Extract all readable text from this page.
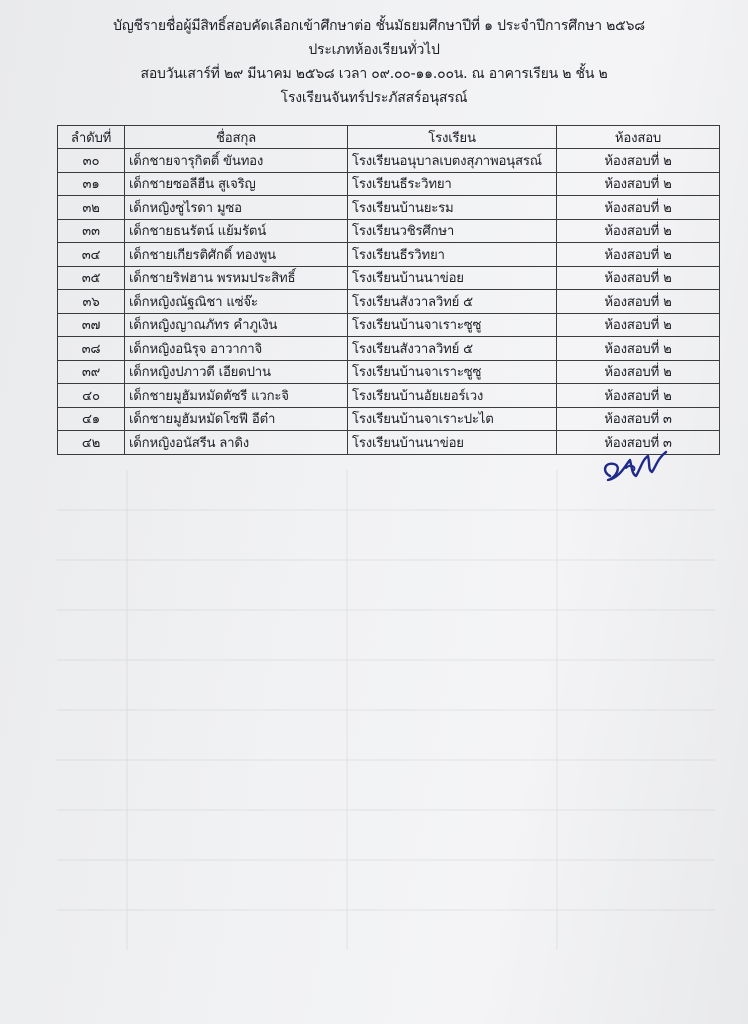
บัญชีรายชื่อผู้มีสิทธิ์สอบคัดเลือกเข้าศึกษาต่อ ชั้นมัธยมศึกษาปีที่ ๑ ประจำปีการศึกษา ๒๕๖๘
ประเภทห้องเรียนทั่วไป
สอบวันเสาร์ที่ ๒๙ มีนาคม ๒๕๖๘ เวลา ๐๙.๐๐-๑๑.๐๐น. ณ อาคารเรียน ๒ ชั้น ๒
โรงเรียนจันทร์ประภัสสร์อนุสรณ์
ลำดับที่	ชื่อสกุล	โรงเรียน	ห้องสอบ
๓๐	เด็กชายจารุกิตติ์ ขันทอง	โรงเรียนอนุบาลเบตงสุภาพอนุสรณ์	ห้องสอบที่ ๒
๓๑	เด็กชายซอลีฮีน สูเจริญ	โรงเรียนธีระวิทยา	ห้องสอบที่ ๒
๓๒	เด็กหญิงซูไรดา มูซอ	โรงเรียนบ้านยะรม	ห้องสอบที่ ๒
๓๓	เด็กชายธนรัตน์ แย้มรัตน์	โรงเรียนวชิรศึกษา	ห้องสอบที่ ๒
๓๔	เด็กชายเกียรติศักดิ์ ทองพูน	โรงเรียนธีรวิทยา	ห้องสอบที่ ๒
๓๕	เด็กชายริฟฮาน พรหมประสิทธิ์	โรงเรียนบ้านนาข่อย	ห้องสอบที่ ๒
๓๖	เด็กหญิงณัฐณิชา แซ่จ๊ะ	โรงเรียนสังวาลวิทย์ ๕	ห้องสอบที่ ๒
๓๗	เด็กหญิงญาณภัทร คำภูเงิน	โรงเรียนบ้านจาเราะซูซู	ห้องสอบที่ ๒
๓๘	เด็กหญิงอนิรุจ อาวากาจิ	โรงเรียนสังวาลวิทย์ ๕	ห้องสอบที่ ๒
๓๙	เด็กหญิงปภาวดี เอียดปาน	โรงเรียนบ้านจาเราะซูซู	ห้องสอบที่ ๒
๔๐	เด็กชายมูฮัมหมัดตัซรี แวกะจิ	โรงเรียนบ้านอัยเยอร์เวง	ห้องสอบที่ ๒
๔๑	เด็กชายมูฮัมหมัดโซฟี อีต๋า	โรงเรียนบ้านจาเราะปะไต	ห้องสอบที่ ๓
๔๒	เด็กหญิงอนัสรีน ลาดิง	โรงเรียนบ้านนาข่อย	ห้องสอบที่ ๓
